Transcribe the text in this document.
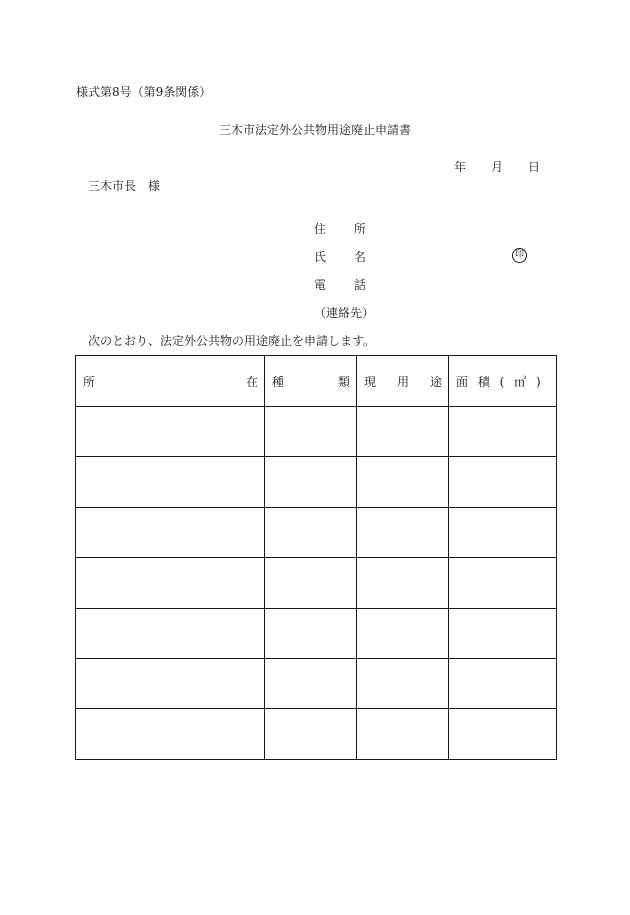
様式第8号（第9条関係）
三木市法定外公共物用途廃止申請書
年 月 日
三木市長　様
住 所
氏 名
電 話
（連絡先）
印
次のとおり、法定外公共物の用途廃止を申請します。
所 在	種 類	現 用 途	面 積 ( ㎡ )
